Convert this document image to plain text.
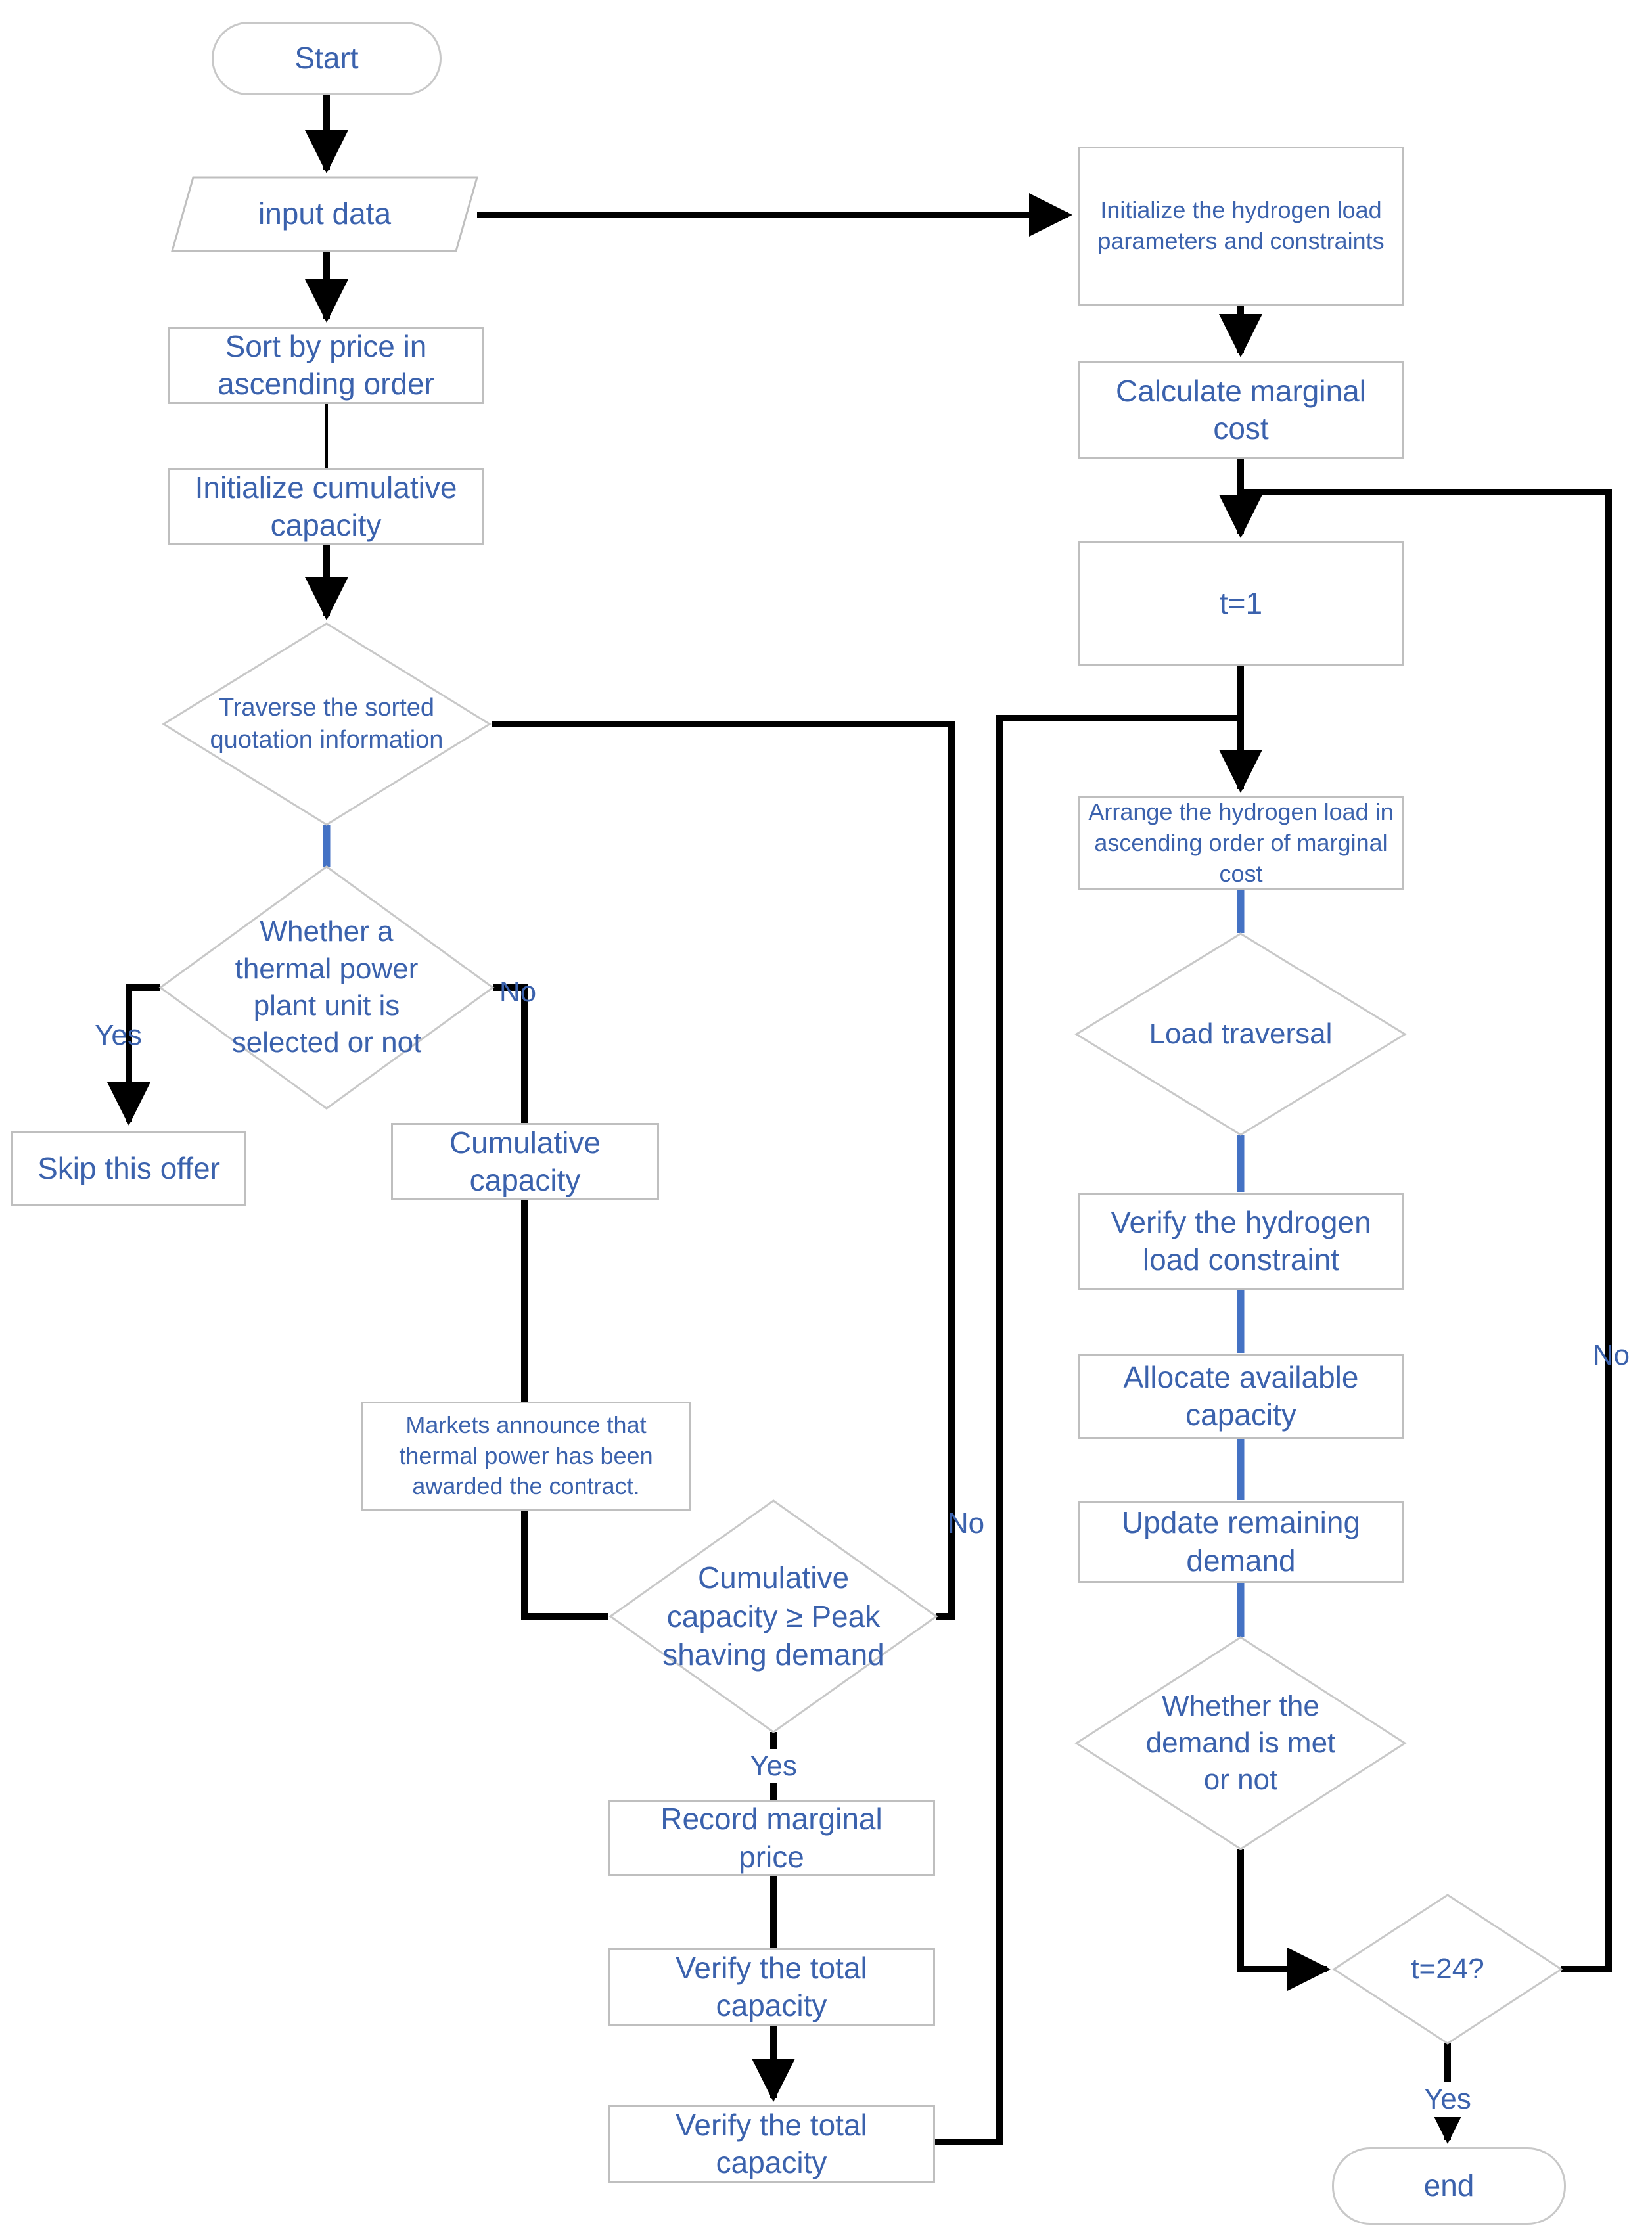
Start
end
input data
Sort by price in ascending order
Initialize cumulative capacity
Skip this offer
Cumulative capacity
Markets announce that thermal power has been awarded the contract.
Record marginal price
Verify the total capacity
Verify the total capacity
Initialize the hydrogen load parameters and constraints
Calculate marginal cost
t=1
Arrange the hydrogen load in ascending order of marginal cost
Verify the hydrogen load constraint
Allocate available capacity
Update remaining demand
Traverse the sorted quotation information
Whether a thermal power plant unit is selected or not
Cumulative capacity ≥ Peak shaving demand
Load traversal
Whether the demand is met or not
t=24?
Yes
No
No
Yes
No
Yes
